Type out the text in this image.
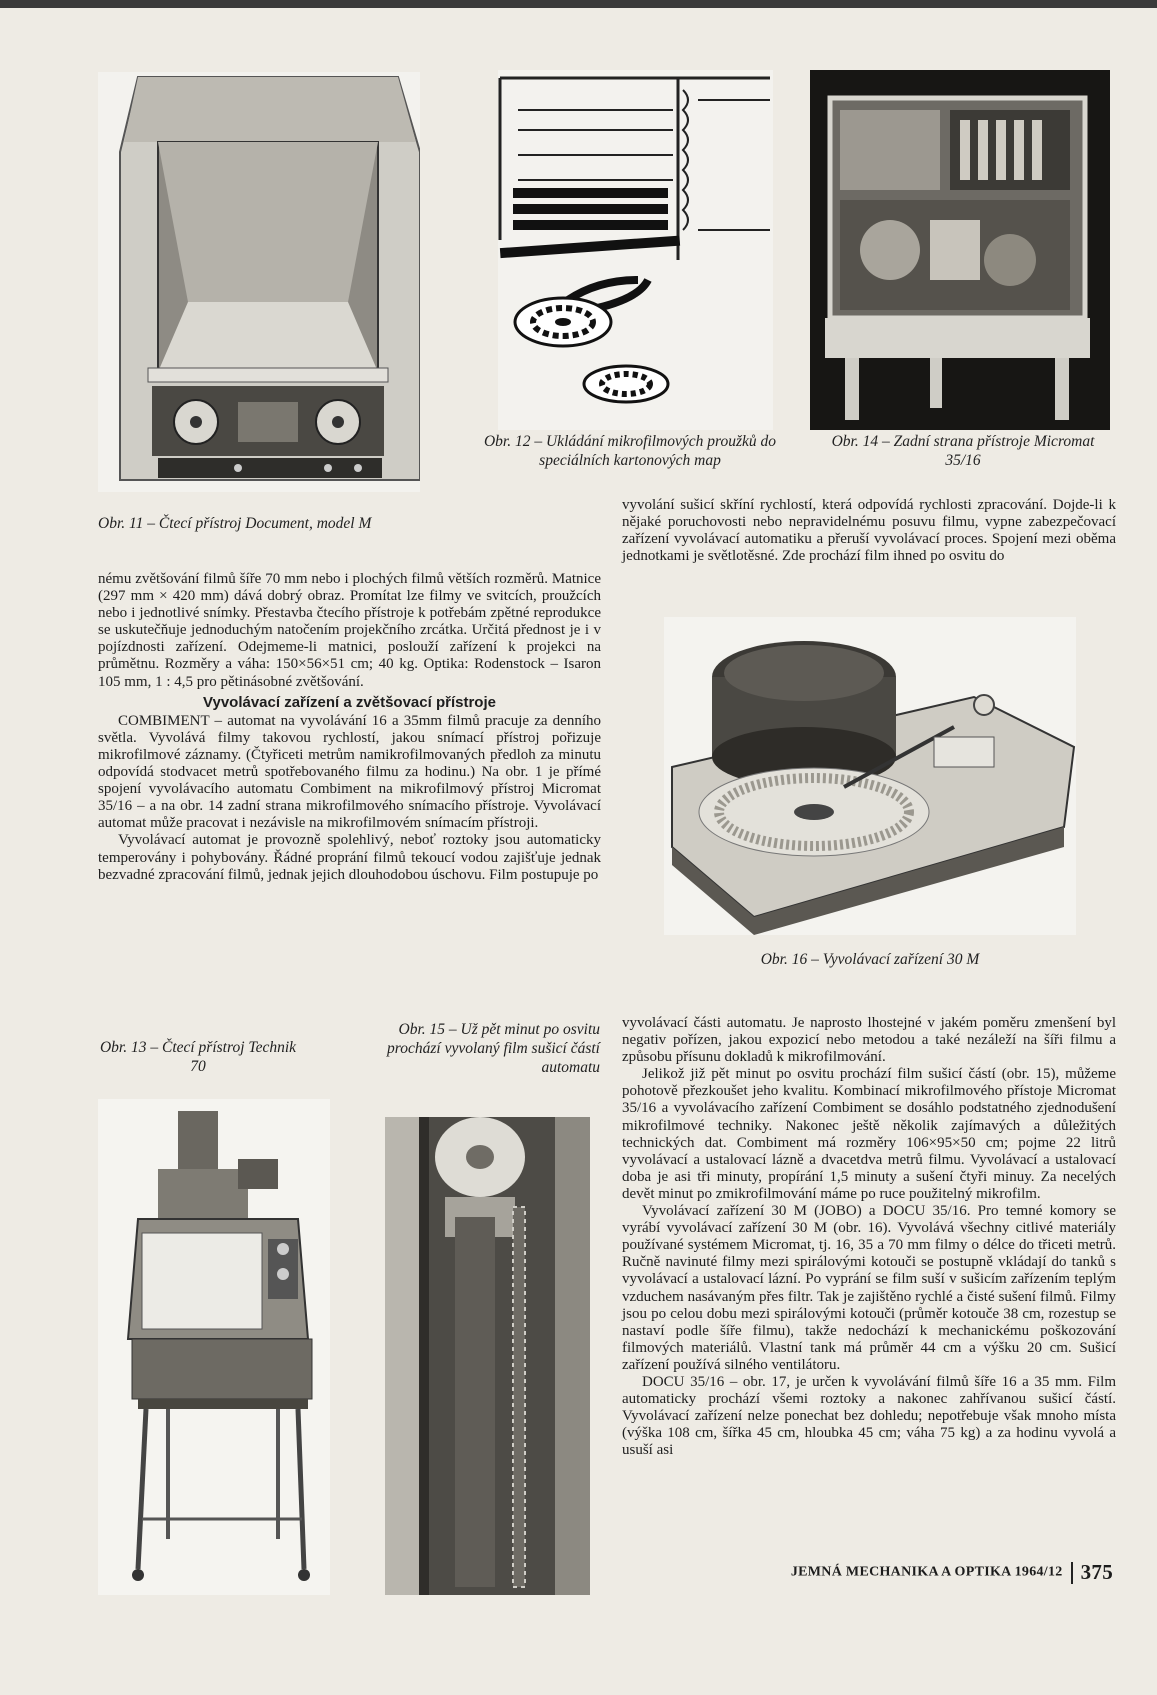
Obr. 12 – Ukládání mikrofilmových proužků do speciálních kartonových map
Obr. 14 – Zadní strana přístroje Micromat 35/16
Obr. 11 – Čtecí přístroj Document, model M

nému zvětšování filmů šíře 70 mm nebo i plochých filmů větších rozměrů. Matnice (297 mm × 420 mm) dává dobrý obraz. Promítat lze filmy ve svitcích, proužcích nebo i jednotlivé snímky. Přestavba čtecího přístroje k potřebám zpětné reprodukce se uskutečňuje jednoduchým natočením projekčního zrcátka. Určitá přednost je i v pojízdnosti zařízení. Odejmeme-li matnici, poslouží zařízení k projekci na průmětnu. Rozměry a váha: 150×56×51 cm; 40 kg. Optika: Rodenstock – Isaron 105 mm, 1 : 4,5 pro pětinásobné zvětšování.

Vyvolávací zařízení a zvětšovací přístroje

COMBIMENT – automat na vyvolávání 16 a 35mm filmů pracuje za denního světla. Vyvolává filmy takovou rychlostí, jakou snímací přístroj pořizuje mikrofilmové záznamy. (Čtyřiceti metrům namikrofilmovaných předloh za minutu odpovídá stodvacet metrů spotřebovaného filmu za hodinu.) Na obr. 1 je přímé spojení vyvolávacího automatu Combiment na mikrofilmový přístroj Micromat 35/16 – a na obr. 14 zadní strana mikrofilmového snímacího přístroje. Vyvolávací automat může pracovat i nezávisle na mikrofilmovém snímacím přístroji.

Vyvolávací automat je provozně spolehlivý, neboť roztoky jsou automaticky temperovány i pohybovány. Řádné proprání filmů tekoucí vodou zajišťuje jednak bezvadné zpracování filmů, jednak jejich dlouhodobou úschovu. Film postupuje po

vyvolání sušicí skříní rychlostí, která odpovídá rychlosti zpracování. Dojde-li k nějaké poruchovosti nebo nepravidelnému posuvu filmu, vypne zabezpečovací zařízení vyvolávací automatiku a přeruší vyvolávací proces. Spojení mezi oběma jednotkami je světlotěsné. Zde prochází film ihned po osvitu do

Obr. 16 – Vyvolávací zařízení 30 M
Obr. 13 – Čtecí přístroj Technik 70
Obr. 15 – Už pět minut po osvitu prochází vyvolaný film sušicí částí automatu

vyvolávací části automatu. Je naprosto lhostejné v jakém poměru zmenšení byl negativ pořízen, jakou expozicí nebo metodou a také nezáleží na šíři filmu a způsobu přísunu dokladů k mikrofilmování.

Jelikož již pět minut po osvitu prochází film sušicí částí (obr. 15), můžeme pohotově přezkoušet jeho kvalitu. Kombinací mikrofilmového přístoje Micromat 35/16 a vyvolávacího zařízení Combiment se dosáhlo podstatného zjednodušení mikrofilmové techniky. Nakonec ještě několik zajímavých a důležitých technických dat. Combiment má rozměry 106×95×50 cm; pojme 22 litrů vyvolávací a ustalovací lázně a dvacetdva metrů filmu. Vyvolávací a ustalovací doba je asi tři minuty, propírání 1,5 minuty a sušení čtyři minuy. Za necelých devět minut po zmikrofilmování máme po ruce použitelný mikrofilm.

Vyvolávací zařízení 30 M (JOBO) a DOCU 35/16. Pro temné komory se vyrábí vyvolávací zařízení 30 M (obr. 16). Vyvolává všechny citlivé materiály používané systémem Micromat, tj. 16, 35 a 70 mm filmy o délce do třiceti metrů. Ručně navinuté filmy mezi spirálovými kotouči se postupně vkládají do tanků s vyvolávací a ustalovací lázní. Po vyprání se film suší v sušicím zařízením teplým vzduchem nasávaným přes filtr. Tak je zajištěno rychlé a čisté sušení filmů. Filmy jsou po celou dobu mezi spirálovými kotouči (průměr kotouče 38 cm, rozestup se nastaví podle šíře filmu), takže nedochází k mechanickému poškozování filmových materiálů. Vlastní tank má průměr 44 cm a výšku 20 cm. Sušicí zařízení používá silného ventilátoru.

DOCU 35/16 – obr. 17, je určen k vyvolávání filmů šíře 16 a 35 mm. Film automaticky prochází všemi roztoky a nakonec zahřívanou sušicí částí. Vyvolávací zařízení nelze ponechat bez dohledu; nepotřebuje však mnoho místa (výška 108 cm, šířka 45 cm, hloubka 45 cm; váha 75 kg) a za hodinu vyvolá a usuší asi

JEMNÁ MECHANIKA A OPTIKA 1964/12 375
